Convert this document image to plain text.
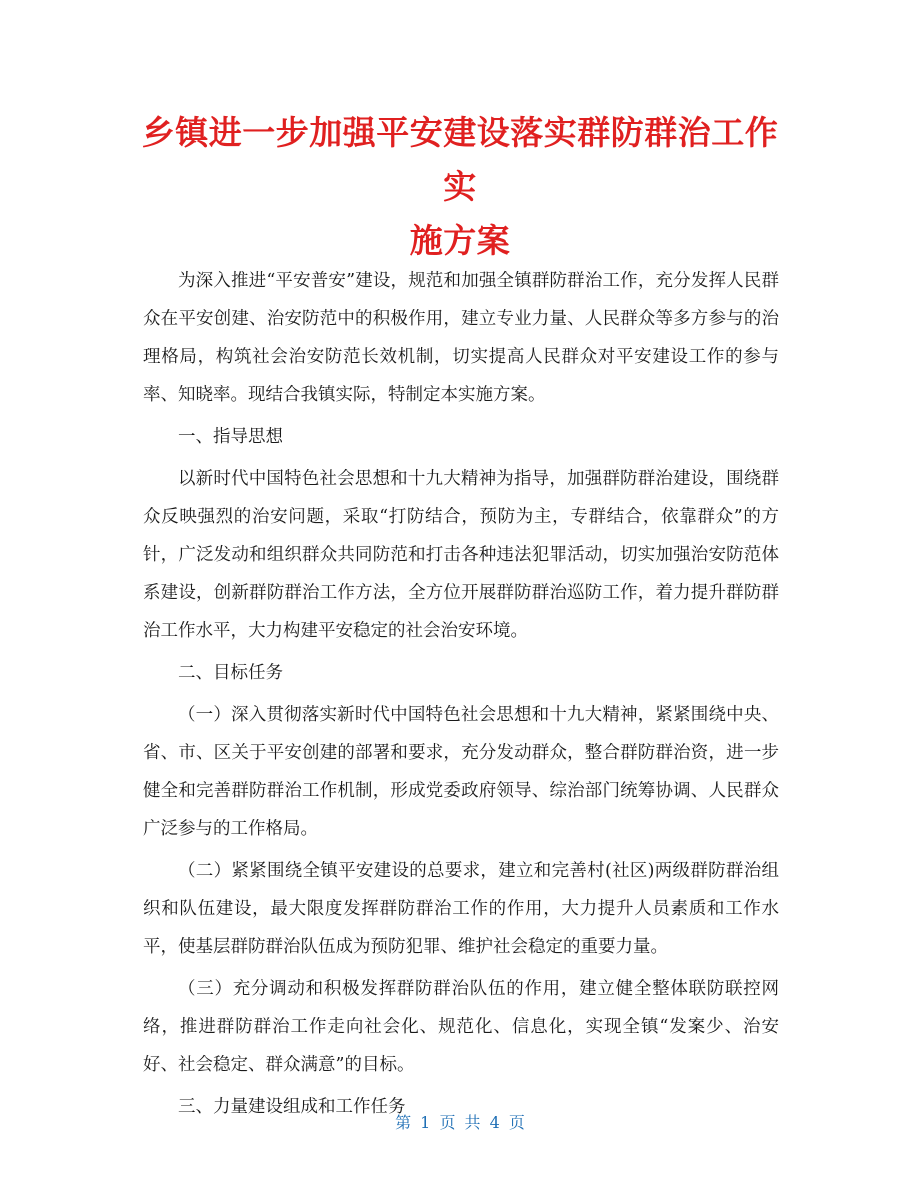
乡镇进一步加强平安建设落实群防群治工作实
施方案

为深入推进“平安普安”建设，规范和加强全镇群防群治工作，充分发挥人民群众在平安创建、治安防范中的积极作用，建立专业力量、人民群众等多方参与的治理格局，构筑社会治安防范长效机制，切实提高人民群众对平安建设工作的参与率、知晓率。现结合我镇实际，特制定本实施方案。

一、指导思想

以新时代中国特色社会思想和十九大精神为指导，加强群防群治建设，围绕群众反映强烈的治安问题，采取“打防结合，预防为主，专群结合，依靠群众”的方针，广泛发动和组织群众共同防范和打击各种违法犯罪活动，切实加强治安防范体系建设，创新群防群治工作方法，全方位开展群防群治巡防工作，着力提升群防群治工作水平，大力构建平安稳定的社会治安环境。

二、目标任务

（一）深入贯彻落实新时代中国特色社会思想和十九大精神，紧紧围绕中央、省、市、区关于平安创建的部署和要求，充分发动群众，整合群防群治资，进一步健全和完善群防群治工作机制，形成党委政府领导、综治部门统筹协调、人民群众广泛参与的工作格局。

（二）紧紧围绕全镇平安建设的总要求，建立和完善村(社区)两级群防群治组织和队伍建设，最大限度发挥群防群治工作的作用，大力提升人员素质和工作水平，使基层群防群治队伍成为预防犯罪、维护社会稳定的重要力量。

（三）充分调动和积极发挥群防群治队伍的作用，建立健全整体联防联控网络，推进群防群治工作走向社会化、规范化、信息化，实现全镇“发案少、治安好、社会稳定、群众满意”的目标。

三、力量建设组成和工作任务

第 1 页 共 4 页
